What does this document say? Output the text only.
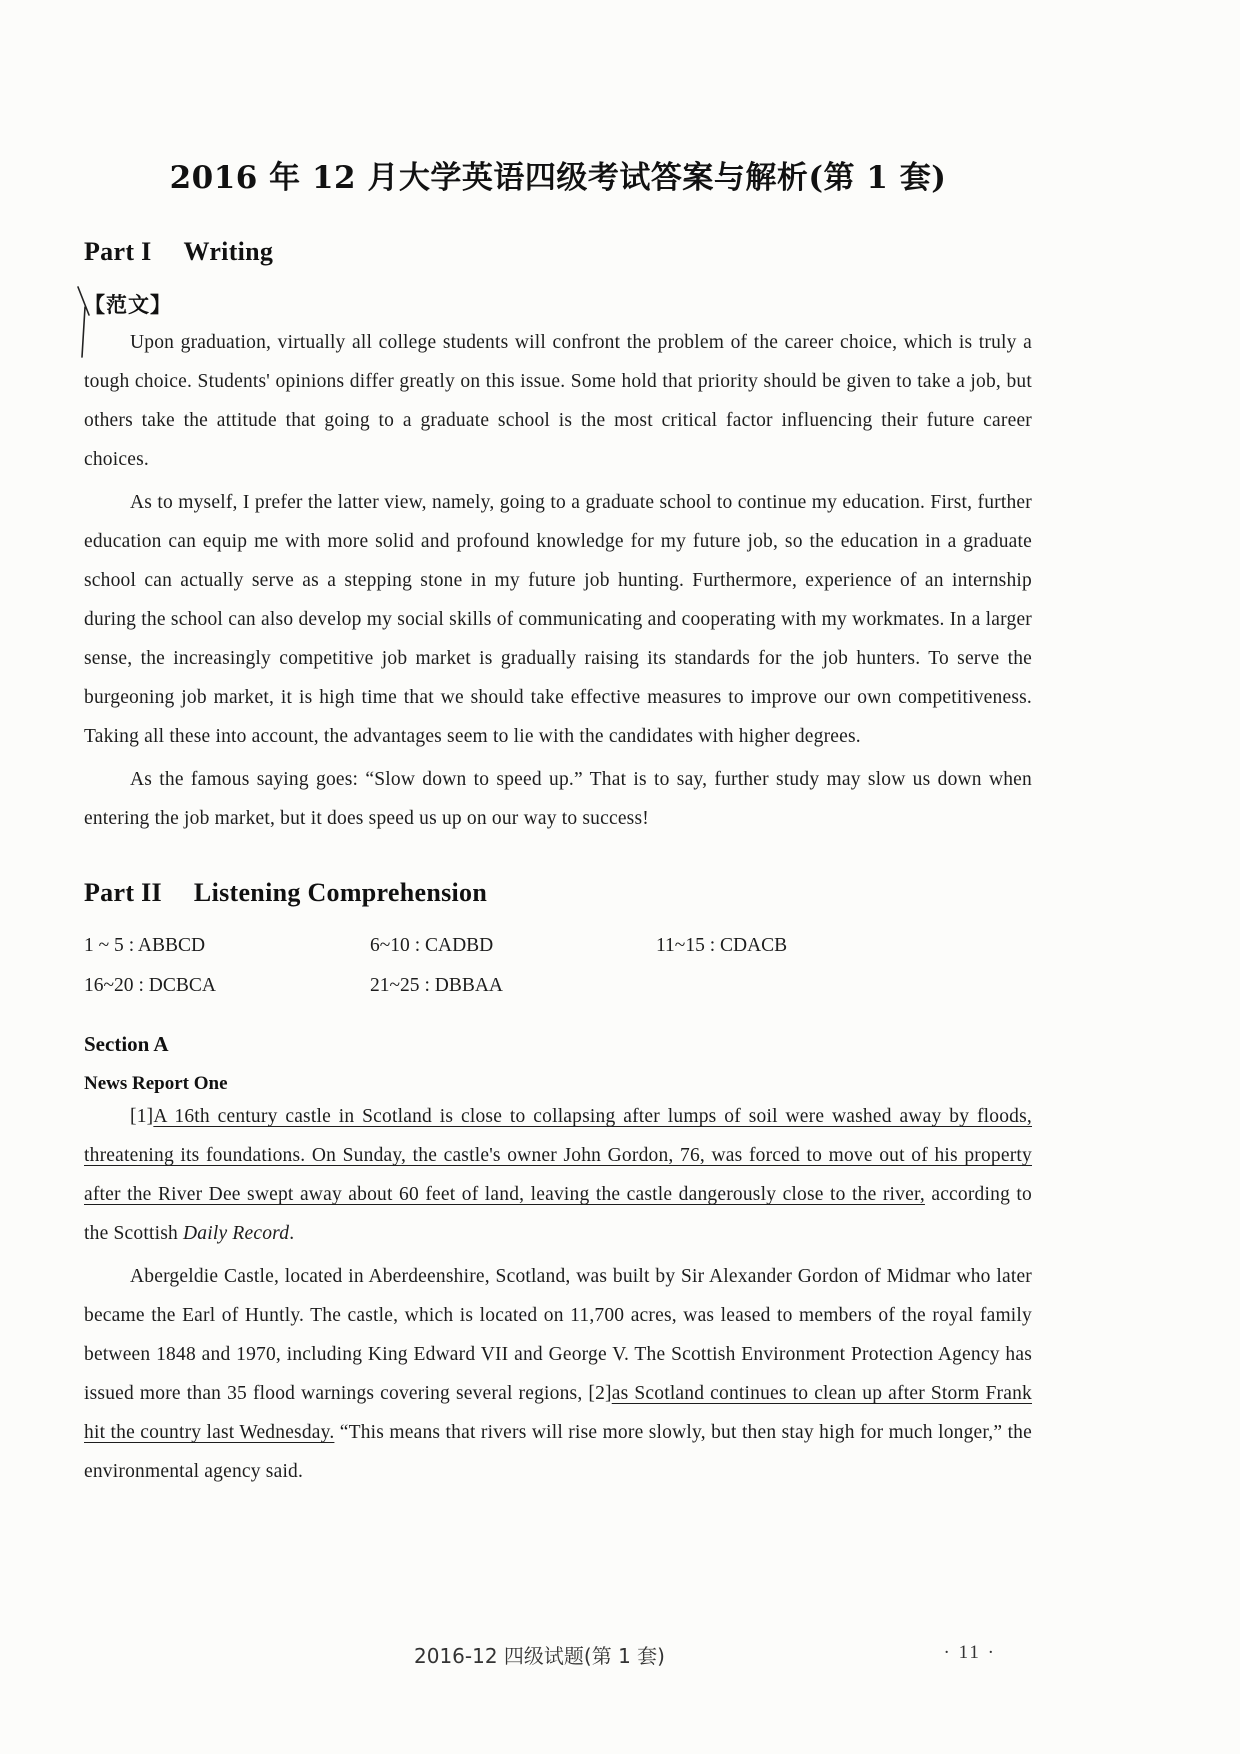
2016 年 12 月大学英语四级考试答案与解析(第 1 套)
Part I Writing
【范文】

Upon graduation, virtually all college students will confront the problem of the career choice, which is truly a tough choice. Students' opinions differ greatly on this issue. Some hold that priority should be given to take a job, but others take the attitude that going to a graduate school is the most critical factor influencing their future career choices.

As to myself, I prefer the latter view, namely, going to a graduate school to continue my education. First, further education can equip me with more solid and profound knowledge for my future job, so the education in a graduate school can actually serve as a stepping stone in my future job hunting. Furthermore, experience of an internship during the school can also develop my social skills of communicating and cooperating with my workmates. In a larger sense, the increasingly competitive job market is gradually raising its standards for the job hunters. To serve the burgeoning job market, it is high time that we should take effective measures to improve our own competitiveness. Taking all these into account, the advantages seem to lie with the candidates with higher degrees.

As the famous saying goes: “Slow down to speed up.” That is to say, further study may slow us down when entering the job market, but it does speed us up on our way to success!

Part II Listening Comprehension
1 ~ 5 : ABBCD	6~10 : CADBD	11~15 : CDACB
16~20 : DCBCA	21~25 : DBBAA
Section A
News Report One

[1]A 16th century castle in Scotland is close to collapsing after lumps of soil were washed away by floods, threatening its foundations. On Sunday, the castle's owner John Gordon, 76, was forced to move out of his property after the River Dee swept away about 60 feet of land, leaving the castle dangerously close to the river, according to the Scottish Daily Record.

Abergeldie Castle, located in Aberdeenshire, Scotland, was built by Sir Alexander Gordon of Midmar who later became the Earl of Huntly. The castle, which is located on 11,700 acres, was leased to members of the royal family between 1848 and 1970, including King Edward VII and George V. The Scottish Environment Protection Agency has issued more than 35 flood warnings covering several regions, [2]as Scotland continues to clean up after Storm Frank hit the country last Wednesday. “This means that rivers will rise more slowly, but then stay high for much longer,” the environmental agency said.

2016-12 四级试题(第 1 套)	· 11 ·
